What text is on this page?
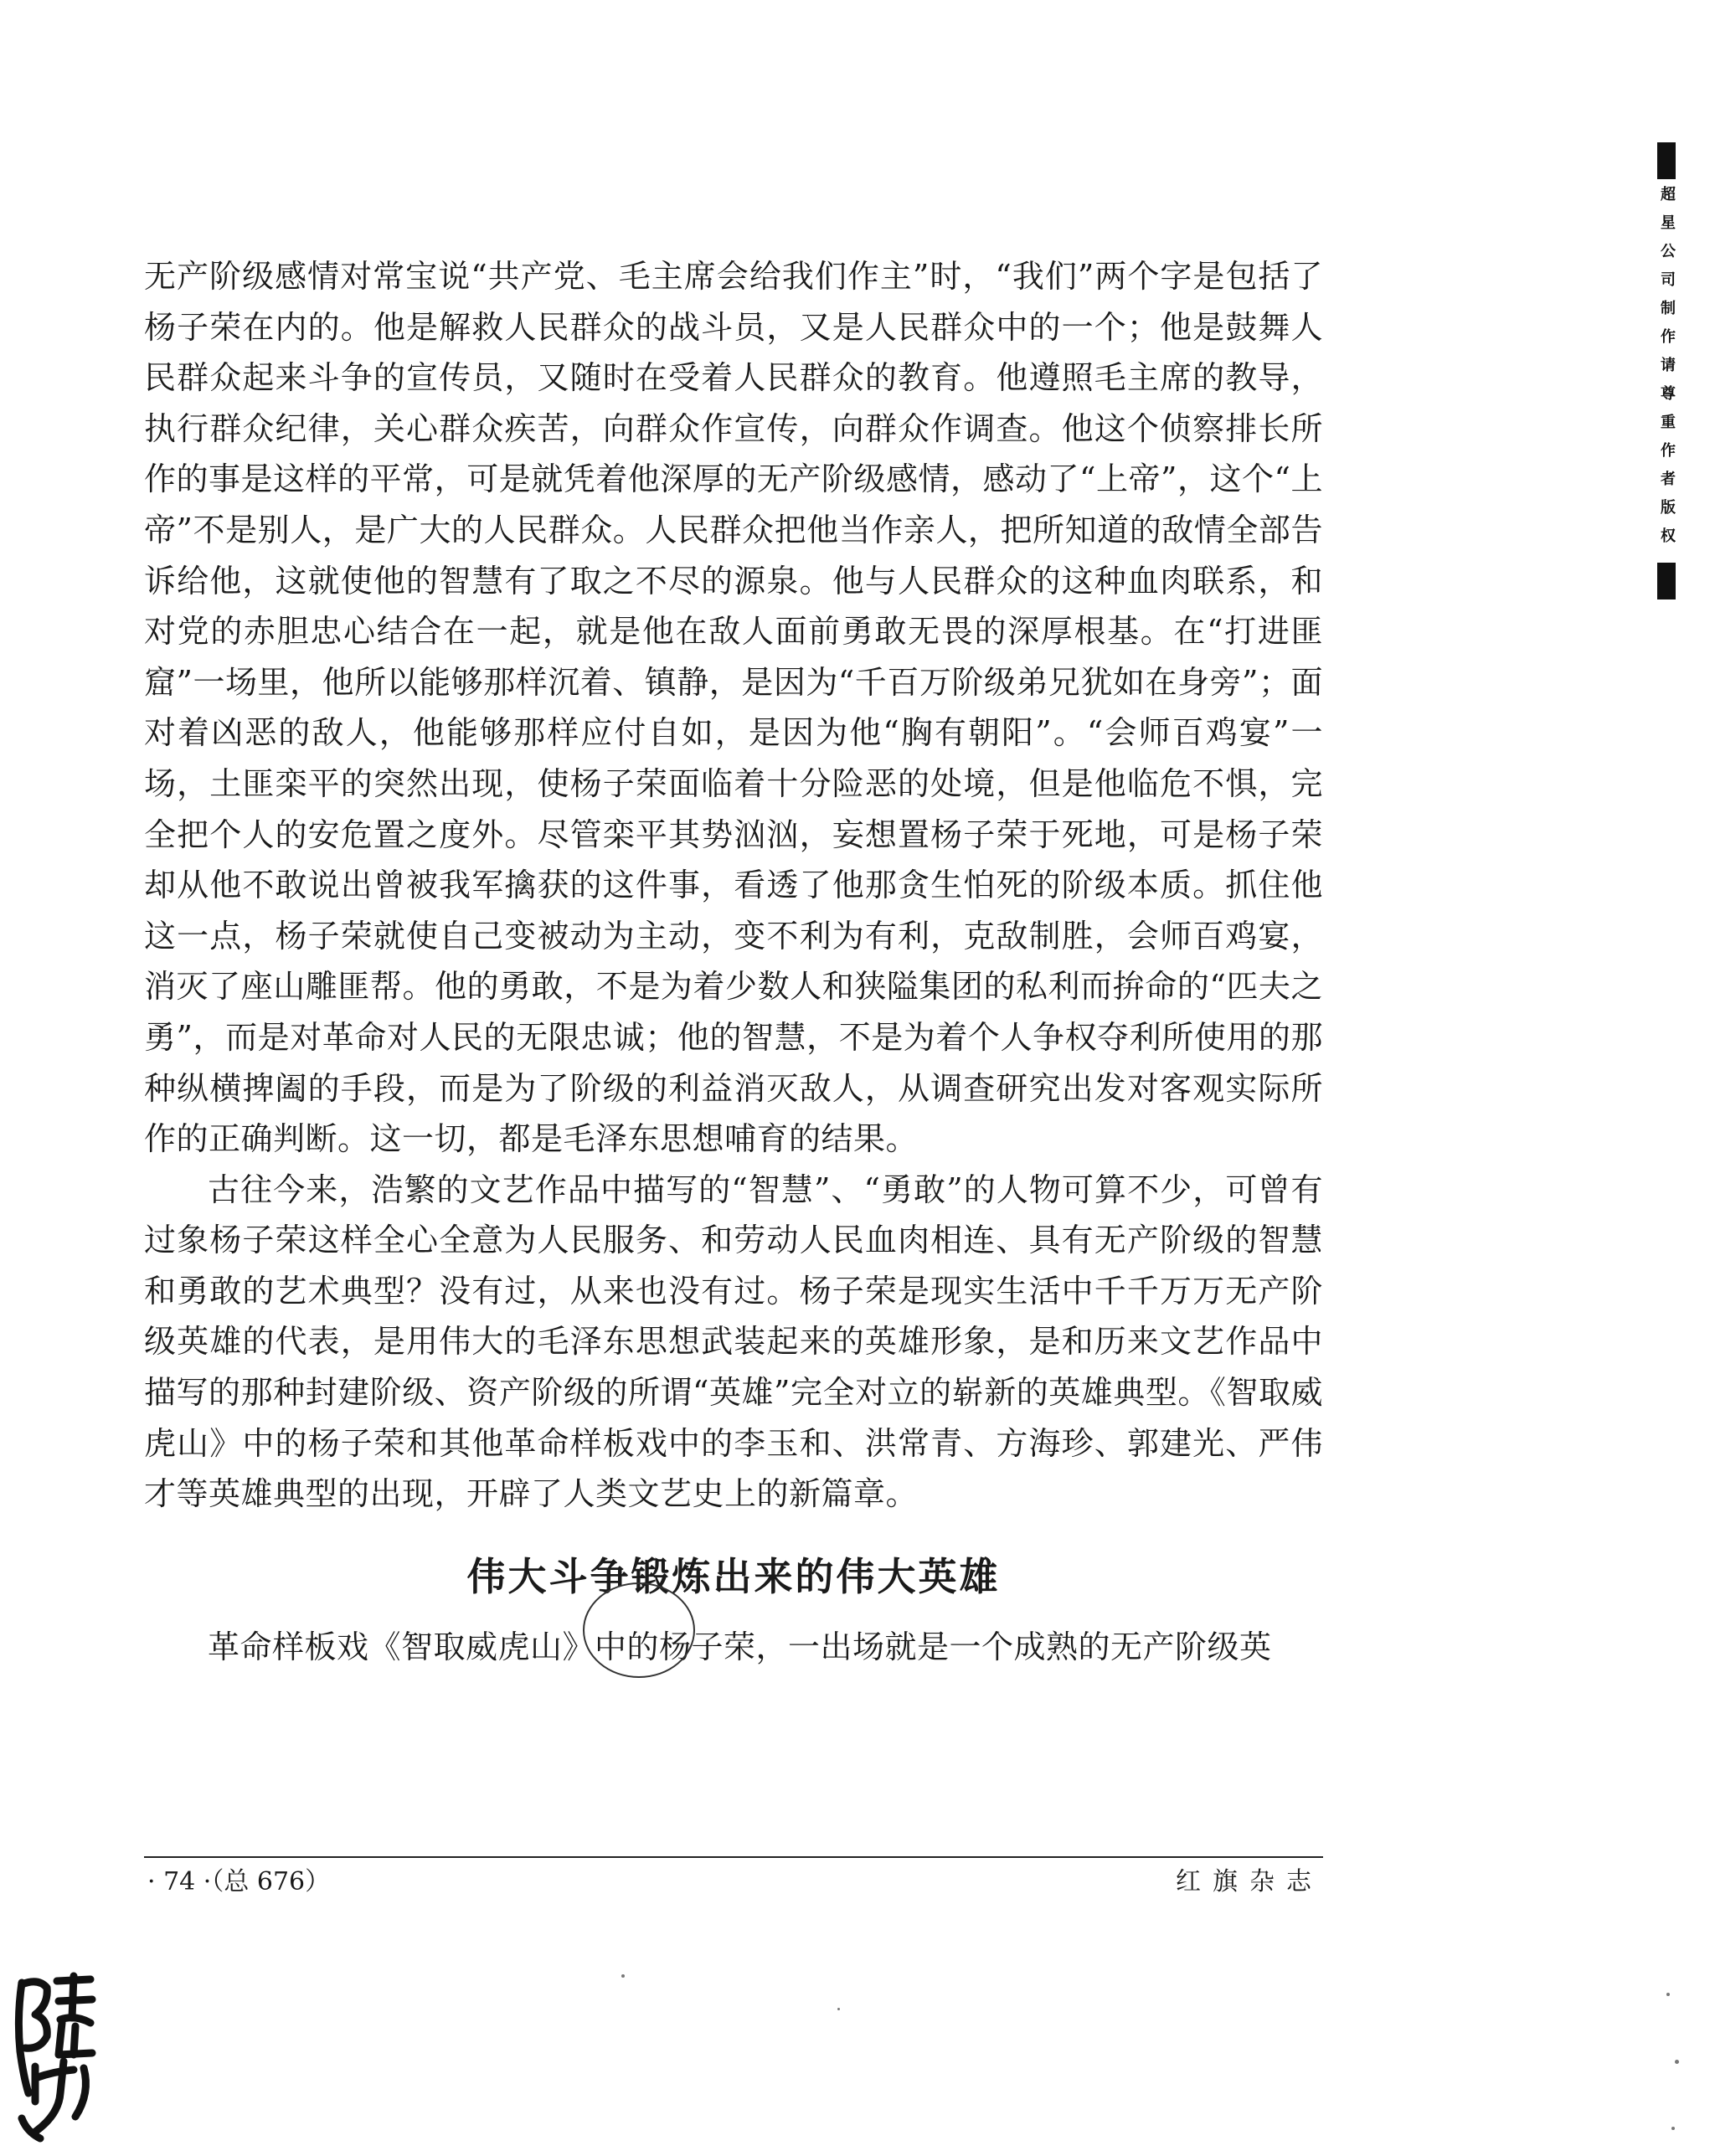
超星公司制作请尊重作者版权

无产阶级感情对常宝说“共产党、毛主席会给我们作主”时，“我们”两个字是包括了杨子荣在内的。他是解救人民群众的战斗员，又是人民群众中的一个；他是鼓舞人民群众起来斗争的宣传员，又随时在受着人民群众的教育。他遵照毛主席的教导，执行群众纪律，关心群众疾苦，向群众作宣传，向群众作调查。他这个侦察排长所作的事是这样的平常，可是就凭着他深厚的无产阶级感情，感动了“上帝”，这个“上帝”不是别人，是广大的人民群众。人民群众把他当作亲人，把所知道的敌情全部告诉给他，这就使他的智慧有了取之不尽的源泉。他与人民群众的这种血肉联系，和对党的赤胆忠心结合在一起，就是他在敌人面前勇敢无畏的深厚根基。在“打进匪窟”一场里，他所以能够那样沉着、镇静，是因为“千百万阶级弟兄犹如在身旁”；面对着凶恶的敌人，他能够那样应付自如，是因为他“胸有朝阳”。“会师百鸡宴”一场，土匪栾平的突然出现，使杨子荣面临着十分险恶的处境，但是他临危不惧，完全把个人的安危置之度外。尽管栾平其势汹汹，妄想置杨子荣于死地，可是杨子荣却从他不敢说出曾被我军擒获的这件事，看透了他那贪生怕死的阶级本质。抓住他这一点，杨子荣就使自己变被动为主动，变不利为有利，克敌制胜，会师百鸡宴，消灭了座山雕匪帮。他的勇敢，不是为着少数人和狭隘集团的私利而拚命的“匹夫之勇”，而是对革命对人民的无限忠诚；他的智慧，不是为着个人争权夺利所使用的那种纵横捭阖的手段，而是为了阶级的利益消灭敌人，从调查研究出发对客观实际所作的正确判断。这一切，都是毛泽东思想哺育的结果。

古往今来，浩繁的文艺作品中描写的“智慧”、“勇敢”的人物可算不少，可曾有过象杨子荣这样全心全意为人民服务、和劳动人民血肉相连、具有无产阶级的智慧和勇敢的艺术典型？没有过，从来也没有过。杨子荣是现实生活中千千万万无产阶级英雄的代表，是用伟大的毛泽东思想武装起来的英雄形象，是和历来文艺作品中描写的那种封建阶级、资产阶级的所谓“英雄”完全对立的崭新的英雄典型。《智取威虎山》中的杨子荣和其他革命样板戏中的李玉和、洪常青、方海珍、郭建光、严伟才等英雄典型的出现，开辟了人类文艺史上的新篇章。

伟大斗争锻炼出来的伟大英雄

革命样板戏《智取威虎山》中的杨子荣，一出场就是一个成熟的无产阶级英

· 74 ·（总 676）	红旗杂志
